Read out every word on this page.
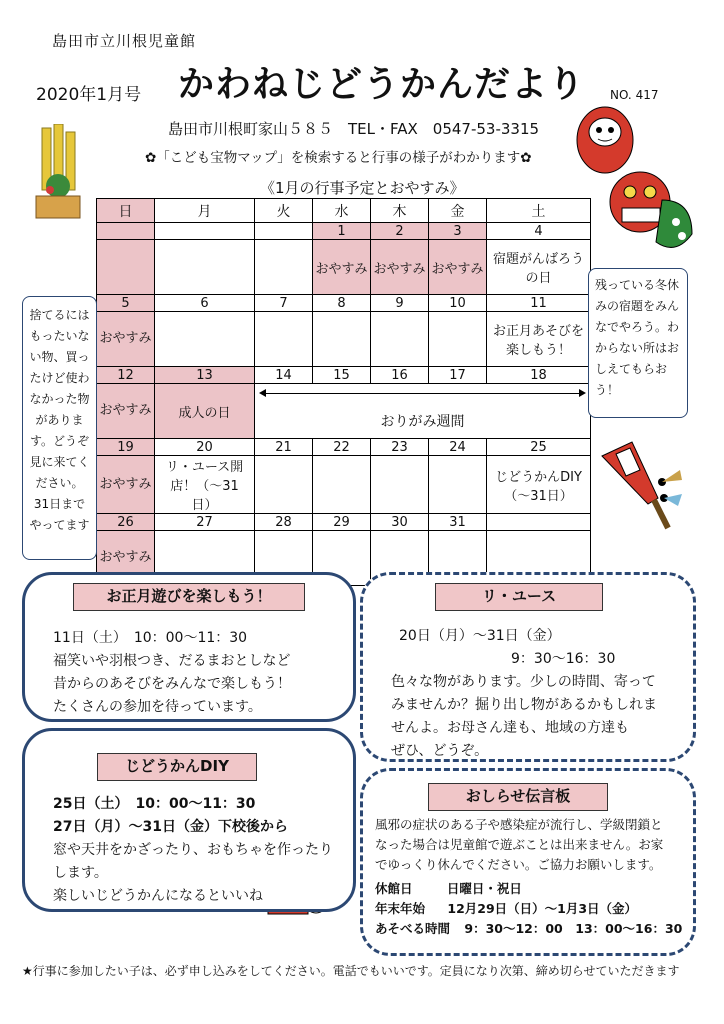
島田市立川根児童館
2020年1月号 かわねじどうかんだより NO. 417
島田市川根町家山５８５　TEL・FAX　0547-53-3315
✿「こども宝物マップ」を検索すると行事の様子がわかります✿
《1月の行事予定とおやすみ》
日	月	火	水	木	金	土
			1	2	3	4
			おやすみ	おやすみ	おやすみ	宿題がんばろうの日
5	6	7	8	9	10	11
おやすみ						お正月あそびを楽しもう！
12	13	14	15	16	17	18
おやすみ	成人の日	おりがみ週間				
19	20	21	22	23	24	25
おやすみ	リ・ユース開店！（〜31日）					じどうかんDIY（〜31日）
26	27	28	29	30	31	
おやすみ						
捨てるにはもったいない物、買ったけど使わなかった物があります。どうぞ見に来てください。31日までやってます
残っている冬休みの宿題をみんなでやろう。わからない所はおしえてもらおう！
お正月遊びを楽しもう！
11日（土）　10：00〜11：30
福笑いや羽根つき、だるまおとしなど
昔からのあそびをみんなで楽しもう！
たくさんの参加を待っています。
リ・ユース
20日（月）〜31日（金）
9：30〜16：30
色々な物があります。少しの時間、寄って
みませんか？掘り出し物があるかもしれま
せんよ。お母さん達も、地域の方達も
ぜひ、どうぞ。
じどうかんDIY
25日（土）　10：00〜11：30
27日（月）〜31日（金）下校後から
窓や天井をかざったり、おもちゃを作ったり
します。
楽しいじどうかんになるといいね
おしらせ伝言板
風邪の症状のある子や感染症が流行し、学級閉鎖と
なった場合は児童館で遊ぶことは出来ません。お家
でゆっくり休んでください。ご協力お願いします。
休館日	日曜日・祝日
年末年始 12月29日（日）〜1月3日（金）
あそべる時間 9：30〜12：00　13：00〜16：30
★行事に参加したい子は、必ず申し込みをしてください。電話でもいいです。定員になり次第、締め切らせていただきます
